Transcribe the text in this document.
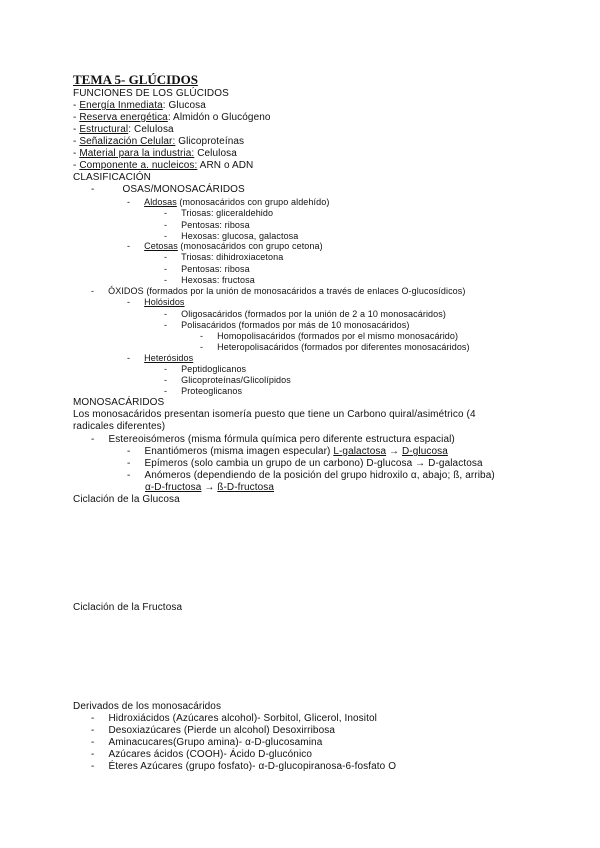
TEMA 5- GLÚCIDOS
FUNCIONES DE LOS GLÚCIDOS
- Energía Inmediata: Glucosa
- Reserva energética: Almidón o Glucógeno
- Estructural: Celulosa
- Señalización Celular: Glicoproteínas
- Material para la industria: Celulosa
- Componente a. nucleicos: ARN o ADN
CLASIFICACIÓN
-	OSAS/MONOSACÁRIDOS
- Aldosas (monosacáridos con grupo aldehído)
- Triosas: gliceraldehido
- Pentosas: ribosa
- Hexosas: glucosa, galactosa
- Cetosas (monosacáridos con grupo cetona)
- Triosas: dihidroxiacetona
- Pentosas: ribosa
- Hexosas: fructosa
- ÓXIDOS (formados por la unión de monosacáridos a través de enlaces O-glucosídicos)
- Holósidos
- Oligosacáridos (formados por la unión de 2 a 10 monosacáridos)
- Polisacáridos (formados por más de 10 monosacáridos)
- Homopolisacáridos (formados por el mismo monosacárido)
- Heteropolisacáridos (formados por diferentes monosacáridos)
- Heterósidos
- Peptidoglicanos
- Glicoproteínas/Glicolípidos
- Proteoglicanos
MONOSACÁRIDOS
Los monosacáridos presentan isomería puesto que tiene un Carbono quiral/asimétrico (4
radicales diferentes)
- Estereoisómeros (misma fórmula química pero diferente estructura espacial)
- Enantiómeros (misma imagen especular) L-galactosa → D-glucosa
- Epímeros (solo cambia un grupo de un carbono) D-glucosa → D-galactosa
- Anómeros (dependiendo de la posición del grupo hidroxilo α, abajo; ß, arriba)
α-D-fructosa → ß-D-fructosa
Ciclación de la Glucosa
Ciclación de la Fructosa
Derivados de los monosacáridos
- Hidroxiácidos (Azúcares alcohol)- Sorbitol, Glicerol, Inositol
- Desoxiazúcares (Pierde un alcohol) Desoxirribosa
- Aminacucares(Grupo amina)- α-D-glucosamina
- Azúcares ácidos (COOH)- Ácido D-glucónico
- Éteres Azúcares (grupo fosfato)- α-D-glucopiranosa-6-fosfato O
